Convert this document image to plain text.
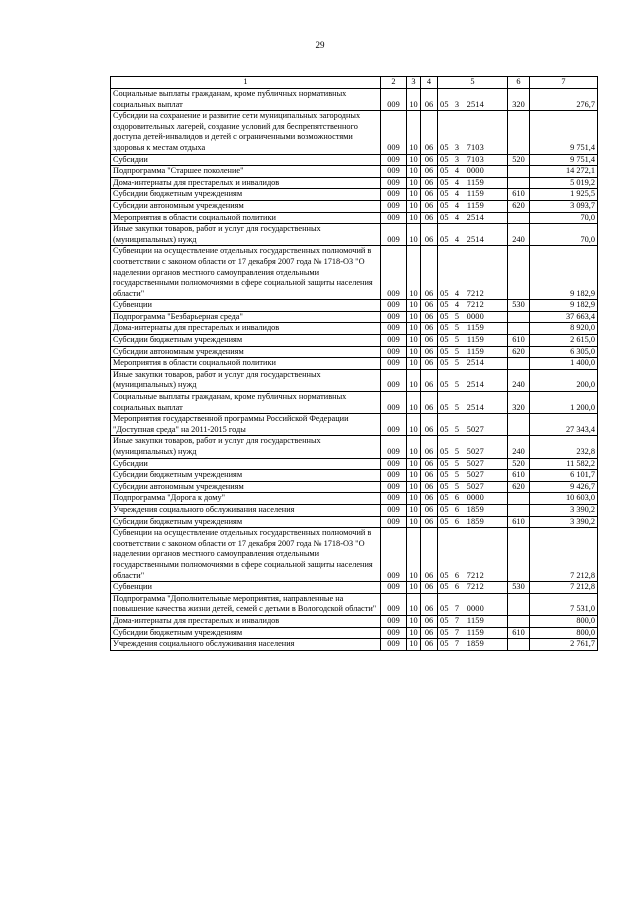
29
1	2	3	4	5	6	7
Социальные выплаты гражданам, кроме публичных нормативных социальных выплат	009	10	06	05 3 2514	320	276,7
Субсидии на сохранение и развитие сети муниципальных загородных оздоровительных лагерей, создание условий для беспрепятственного доступа детей-инвалидов и детей с ограниченными возможностями здоровья к местам отдыха	009	10	06	05 3 7103		9 751,4
Субсидии	009	10	06	05 3 7103	520	9 751,4
Подпрограмма "Старшее поколение"	009	10	06	05 4 0000		14 272,1
Дома-интернаты для престарелых и инвалидов	009	10	06	05 4 1159		5 019,2
Субсидии бюджетным учреждениям	009	10	06	05 4 1159	610	1 925,5
Субсидии автономным учреждениям	009	10	06	05 4 1159	620	3 093,7
Мероприятия в области социальной политики	009	10	06	05 4 2514		70,0
Иные закупки товаров, работ и услуг для государственных (муниципальных) нужд	009	10	06	05 4 2514	240	70,0
Субвенции на осуществление отдельных государственных полномочий в соответствии с законом области от 17 декабря 2007 года № 1718-ОЗ "О наделении органов местного самоуправления отдельными государственными полномочиями в сфере социальной защиты населения области"	009	10	06	05 4 7212		9 182,9
Субвенции	009	10	06	05 4 7212	530	9 182,9
Подпрограмма "Безбарьерная среда"	009	10	06	05 5 0000		37 663,4
Дома-интернаты для престарелых и инвалидов	009	10	06	05 5 1159		8 920,0
Субсидии бюджетным учреждениям	009	10	06	05 5 1159	610	2 615,0
Субсидии автономным учреждениям	009	10	06	05 5 1159	620	6 305,0
Мероприятия в области социальной политики	009	10	06	05 5 2514		1 400,0
Иные закупки товаров, работ и услуг для государственных (муниципальных) нужд	009	10	06	05 5 2514	240	200,0
Социальные выплаты гражданам, кроме публичных нормативных социальных выплат	009	10	06	05 5 2514	320	1 200,0
Мероприятия государственной программы Российской Федерации "Доступная среда" на 2011-2015 годы	009	10	06	05 5 5027		27 343,4
Иные закупки товаров, работ и услуг для государственных (муниципальных) нужд	009	10	06	05 5 5027	240	232,8
Субсидии	009	10	06	05 5 5027	520	11 582,2
Субсидии бюджетным учреждениям	009	10	06	05 5 5027	610	6 101,7
Субсидии автономным учреждениям	009	10	06	05 5 5027	620	9 426,7
Подпрограмма "Дорога к дому"	009	10	06	05 6 0000		10 603,0
Учреждения социального обслуживания населения	009	10	06	05 6 1859		3 390,2
Субсидии бюджетным учреждениям	009	10	06	05 6 1859	610	3 390,2
Субвенции на осуществление отдельных государственных полномочий в соответствии с законом области от 17 декабря 2007 года № 1718-ОЗ "О наделении органов местного самоуправления отдельными государственными полномочиями в сфере социальной защиты населения области"	009	10	06	05 6 7212		7 212,8
Субвенции	009	10	06	05 6 7212	530	7 212,8
Подпрограмма "Дополнительные мероприятия, направленные на повышение качества жизни детей, семей с детьми в Вологодской области"	009	10	06	05 7 0000		7 531,0
Дома-интернаты для престарелых и инвалидов	009	10	06	05 7 1159		800,0
Субсидии бюджетным учреждениям	009	10	06	05 7 1159	610	800,0
Учреждения социального обслуживания населения	009	10	06	05 7 1859		2 761,7
